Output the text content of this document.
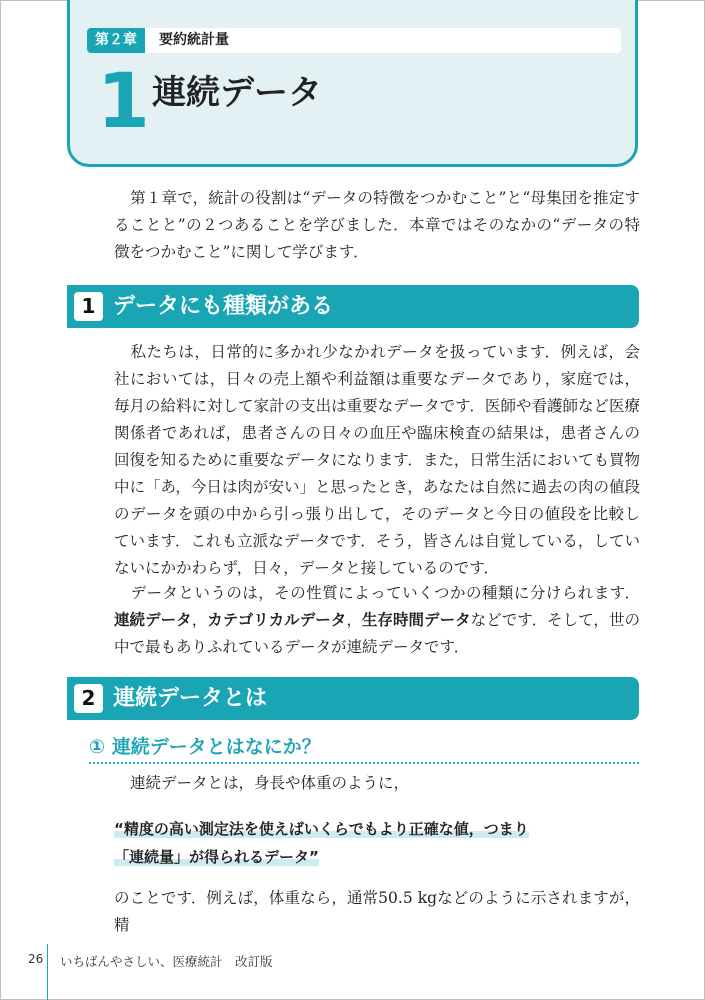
第２章	要約統計量
1 連続データ
第１章で，統計の役割は“データの特徴をつかむこと”と“母集団を推定することと”の２つあることを学びました．本章ではそのなかの“データの特徴をつかむこと”に関して学びます．
1 データにも種類がある
私たちは，日常的に多かれ少なかれデータを扱っています．例えば，会社においては，日々の売上額や利益額は重要なデータであり，家庭では，毎月の給料に対して家計の支出は重要なデータです．医師や看護師など医療関係者であれば，患者さんの日々の血圧や臨床検査の結果は，患者さんの回復を知るために重要なデータになります．また，日常生活においても買物中に「あ，今日は肉が安い」と思ったとき，あなたは自然に過去の肉の値段のデータを頭の中から引っ張り出して，そのデータと今日の値段を比較しています．これも立派なデータです．そう，皆さんは自覚している，していないにかかわらず，日々，データと接しているのです．
データというのは，その性質によっていくつかの種類に分けられます．連続データ，カテゴリカルデータ，生存時間データなどです．そして，世の中で最もありふれているデータが連続データです．
2 連続データとは
① 連続データとはなにか？
連続データとは，身長や体重のように，
“精度の高い測定法を使えばいくらでもより正確な値，つまり
「連続量」が得られるデータ”
のことです．例えば，体重なら，通常50.5 kgなどのように示されますが，精
26 いちばんやさしい、医療統計　改訂版
